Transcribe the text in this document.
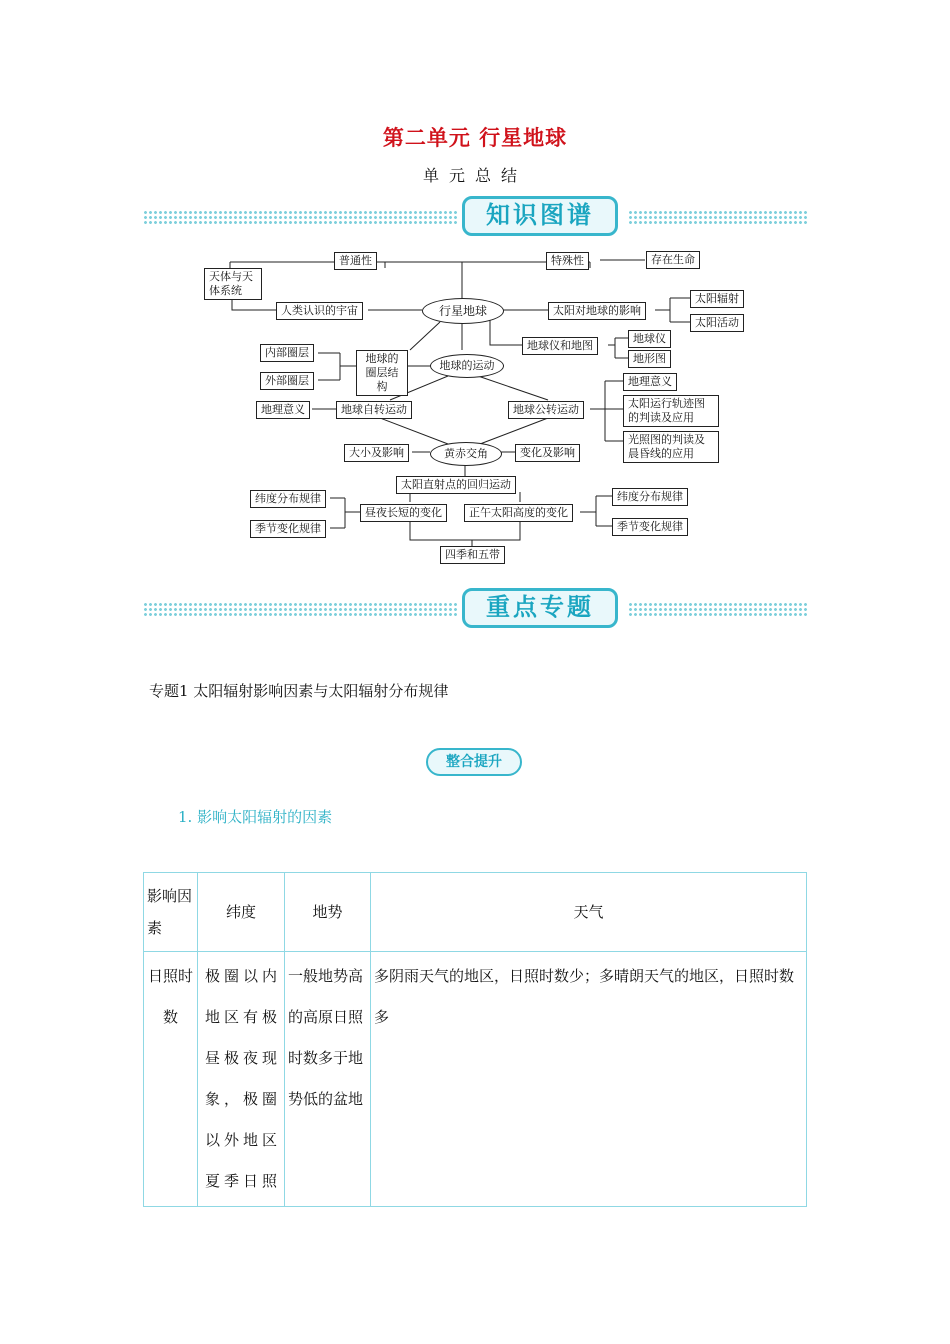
第二单元 行星地球
单元总结
知识图谱
普通性	特殊性	存在生命
天体与天体系统
人类认识的宇宙	行星地球	太阳对地球的影响
太阳辐射
太阳活动
地球仪和地图
地球仪
地形图
内部圈层
外部圈层
地球的圈层结构
地球的运动
地理意义	地球自转运动	地球公转运动
地理意义
太阳运行轨迹图的判读及应用
光照图的判读及晨昏线的应用
大小及影响	黄赤交角	变化及影响
太阳直射点的回归运动
纬度分布规律
季节变化规律
昼夜长短的变化	正午太阳高度的变化
纬度分布规律
季节变化规律
四季和五带
重点专题
专题1 太阳辐射影响因素与太阳辐射分布规律
整合提升
1. 影响太阳辐射的因素
影响因素	纬度	地势	天气
日照时数	极圈以内地区有极昼极夜现象，极圈以外地区夏季日照	一般地势高的高原日照时数多于地势低的盆地	多阴雨天气的地区，日照时数少；多晴朗天气的地区，日照时数多
